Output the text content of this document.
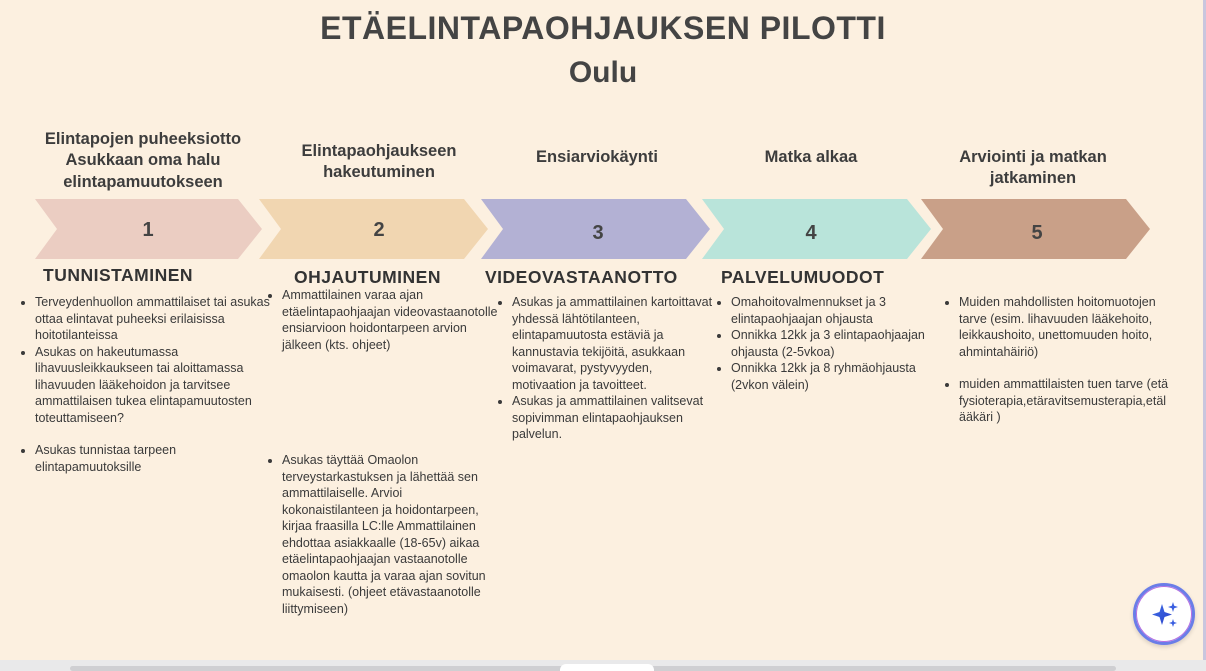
ETÄELINTAPAOHJAUKSEN PILOTTI
Oulu
Elintapojen puheeksiotto
Asukkaan oma halu elintapamuutokseen
Elintapaohjaukseen hakeutuminen
Ensiarviokäynti	Matka alkaa	Arviointi ja matkan jatkaminen
1	2	3	4	5
TUNNISTAMINEN	OHJAUTUMINEN	VIDEOVASTAANOTTO PALVELUMUODOT
• Terveydenhuollon ammattilaiset tai asukas ottaa elintavat puheeksi erilaisissa hoitotilanteissa
• Asukas on hakeutumassa lihavuusleikkaukseen tai aloittamassa lihavuuden lääkehoidon ja tarvitsee ammattilaisen tukea elintapamuutosten toteuttamiseen?
• Asukas tunnistaa tarpeen elintapamuutoksille
• Ammattilainen varaa ajan etäelintapaohjaajan videovastaanotolle ensiarvioon hoidontarpeen arvion jälkeen (kts. ohjeet)
• Asukas täyttää Omaolon terveystarkastuksen ja lähettää sen ammattilaiselle. Arvioi kokonaistilanteen ja hoidontarpeen, kirjaa fraasilla LC:lle Ammattilainen ehdottaa asiakkaalle (18-65v) aikaa etäelintapaohjaajan vastaanotolle omaolon kautta ja varaa ajan sovitun mukaisesti. (ohjeet etävastaanotolle liittymiseen)
• Asukas ja ammattilainen kartoittavat yhdessä lähtötilanteen, elintapamuutosta estäviä ja kannustavia tekijöitä, asukkaan voimavarat, pystyvyyden, motivaation ja tavoitteet.
• Asukas ja ammattilainen valitsevat sopivimman elintapaohjauksen palvelun.
• Omahoitovalmennukset ja 3 elintapaohjaajan ohjausta
• Onnikka 12kk ja 3 elintapaohjaajan ohjausta (2-5vkoa)
• Onnikka 12kk ja 8 ryhmäohjausta (2vkon välein)
• Muiden mahdollisten hoitomuotojen tarve (esim. lihavuuden lääkehoito, leikkaushoito, unettomuuden hoito, ahmintahäiriö)
• muiden ammattilaisten tuen tarve (etäfysioterapia,etäravitsemusterapia,etälääkäri )
